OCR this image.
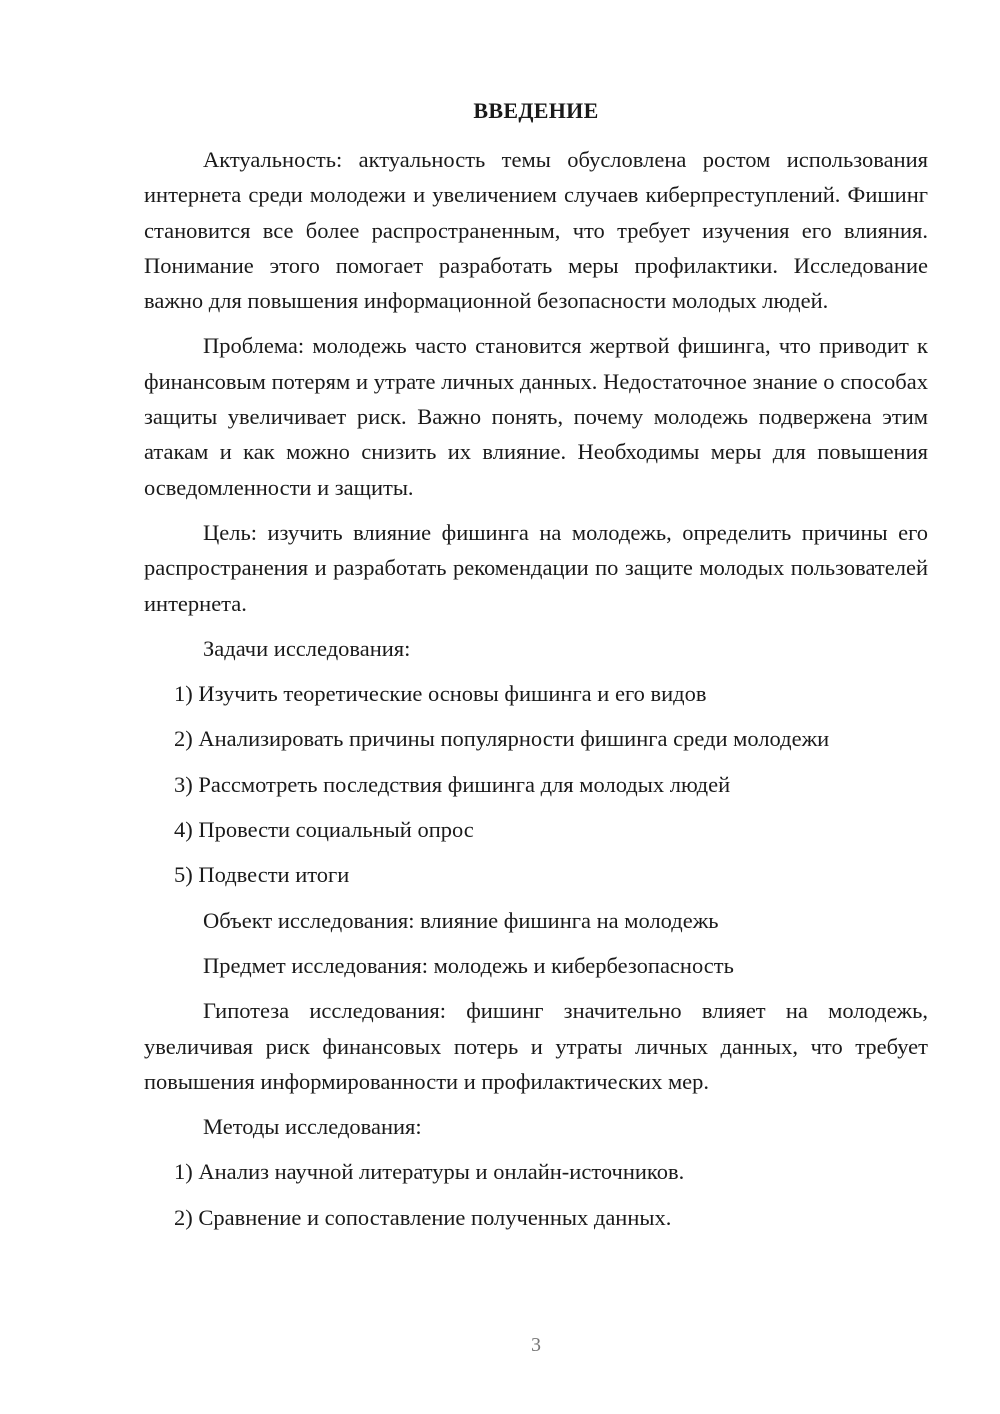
ВВЕДЕНИЕ

Актуальность: актуальность темы обусловлена ростом использования интернета среди молодежи и увеличением случаев киберпреступлений. Фишинг становится все более распространенным, что требует изучения его влияния. Понимание этого помогает разработать меры профилактики. Исследование важно для повышения информационной безопасности молодых людей.

Проблема: молодежь часто становится жертвой фишинга, что приводит к финансовым потерям и утрате личных данных. Недостаточное знание о способах защиты увеличивает риск. Важно понять, почему молодежь подвержена этим атакам и как можно снизить их влияние. Необходимы меры для повышения осведомленности и защиты.

Цель: изучить влияние фишинга на молодежь, определить причины его распространения и разработать рекомендации по защите молодых пользователей интернета.

Задачи исследования:
1) Изучить теоретические основы фишинга и его видов
2) Анализировать причины популярности фишинга среди молодежи
3) Рассмотреть последствия фишинга для молодых людей
4) Провести социальный опрос
5) Подвести итоги
Объект исследования: влияние фишинга на молодежь
Предмет исследования: молодежь и кибербезопасность

Гипотеза исследования: фишинг значительно влияет на молодежь, увеличивая риск финансовых потерь и утраты личных данных, что требует повышения информированности и профилактических мер.

Методы исследования:
1) Анализ научной литературы и онлайн-источников.
2) Сравнение и сопоставление полученных данных.
3
